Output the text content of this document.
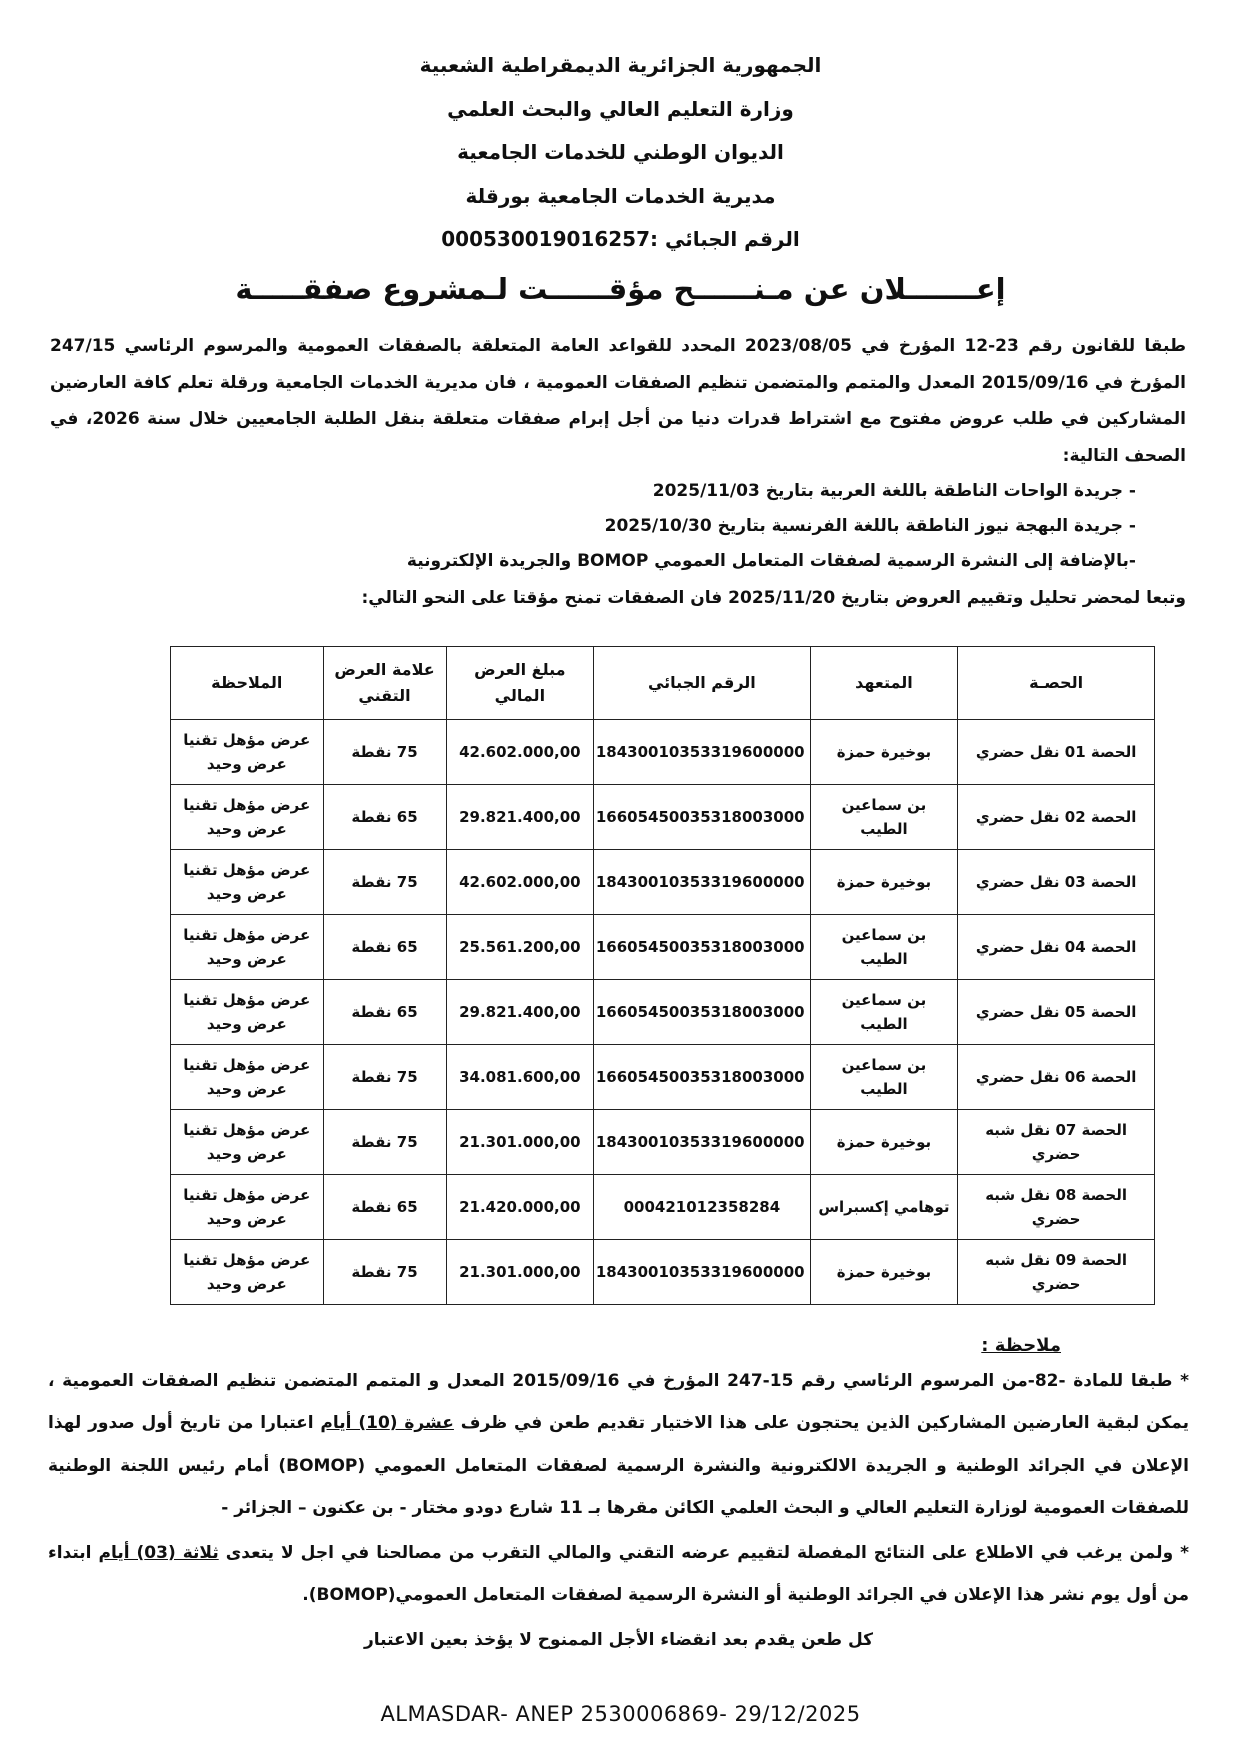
الجمهورية الجزائرية الديمقراطية الشعبية
وزارة التعليم العالي والبحث العلمي
الديوان الوطني للخدمات الجامعية
مديرية الخدمات الجامعية بورقلة
الرقم الجبائي :000530019016257
إعـــــــلان عن مـنــــــح مؤقــــــت لـمشروع صفقـــــة
طبقا للقانون رقم 23-12 المؤرخ في 2023/08/05 المحدد للقواعد العامة المتعلقة بالصفقات العمومية والمرسوم الرئاسي 247/15 المؤرخ في 2015/09/16 المعدل والمتمم والمتضمن تنظيم الصفقات العمومية ، فان مديرية الخدمات الجامعية ورقلة تعلم كافة العارضين المشاركين في طلب عروض مفتوح مع اشتراط قدرات دنيا من أجل إبرام صفقات متعلقة بنقل الطلبة الجامعيين خلال سنة 2026، في الصحف التالية:
- جريدة الواحات الناطقة باللغة العربية بتاريخ 2025/11/03
- جريدة البهجة نيوز الناطقة باللغة الفرنسية بتاريخ 2025/10/30
-بالإضافة إلى النشرة الرسمية لصفقات المتعامل العمومي BOMOP والجريدة الإلكترونية
وتبعا لمحضر تحليل وتقييم العروض بتاريخ 2025/11/20 فان الصفقات تمنح مؤقتا على النحو التالي:
الحصـة	المتعهد	الرقم الجبائي	مبلغ العرض المالي	علامة العرض التقني	الملاحظة
الحصة 01 نقل حضري	بوخيرة حمزة	18430010353319600000	42.602.000,00	75 نقطة	عرض مؤهل تقنيا عرض وحيد
الحصة 02 نقل حضري	بن سماعين الطيب	16605450035318003000	29.821.400,00	65 نقطة	عرض مؤهل تقنيا عرض وحيد
الحصة 03 نقل حضري	بوخيرة حمزة	18430010353319600000	42.602.000,00	75 نقطة	عرض مؤهل تقنيا عرض وحيد
الحصة 04 نقل حضري	بن سماعين الطيب	16605450035318003000	25.561.200,00	65 نقطة	عرض مؤهل تقنيا عرض وحيد
الحصة 05 نقل حضري	بن سماعين الطيب	16605450035318003000	29.821.400,00	65 نقطة	عرض مؤهل تقنيا عرض وحيد
الحصة 06 نقل حضري	بن سماعين الطيب	16605450035318003000	34.081.600,00	75 نقطة	عرض مؤهل تقنيا عرض وحيد
الحصة 07 نقل شبه حضري	بوخيرة حمزة	18430010353319600000	21.301.000,00	75 نقطة	عرض مؤهل تقنيا عرض وحيد
الحصة 08 نقل شبه حضري	توهامي إكسبراس	000421012358284	21.420.000,00	65 نقطة	عرض مؤهل تقنيا عرض وحيد
الحصة 09 نقل شبه حضري	بوخيرة حمزة	18430010353319600000	21.301.000,00	75 نقطة	عرض مؤهل تقنيا عرض وحيد
ملاحظة :

* طبقا للمادة -82-من المرسوم الرئاسي رقم 15-247 المؤرخ في 2015/09/16 المعدل و المتمم المتضمن تنظيم الصفقات العمومية ، يمكن لبقية العارضين المشاركين الذين يحتجون على هذا الاختيار تقديم طعن في ظرف عشرة (10) أيام اعتبارا من تاريخ أول صدور لهذا الإعلان في الجرائد الوطنية و الجريدة الالكترونية والنشرة الرسمية لصفقات المتعامل العمومي (BOMOP) أمام رئيس اللجنة الوطنية للصفقات العمومية لوزارة التعليم العالي و البحث العلمي الكائن مقرها بـ 11 شارع دودو مختار - بن عكنون – الجزائر -

* ولمن يرغب في الاطلاع على النتائج المفصلة لتقييم عرضه التقني والمالي التقرب من مصالحنا في اجل لا يتعدى ثلاثة (03) أيام ابتداء من أول يوم نشر هذا الإعلان في الجرائد الوطنية أو النشرة الرسمية لصفقات المتعامل العمومي(BOMOP).

كل طعن يقدم بعد انقضاء الأجل الممنوح لا يؤخذ بعين الاعتبار
ALMASDAR- ANEP 2530006869- 29/12/2025
